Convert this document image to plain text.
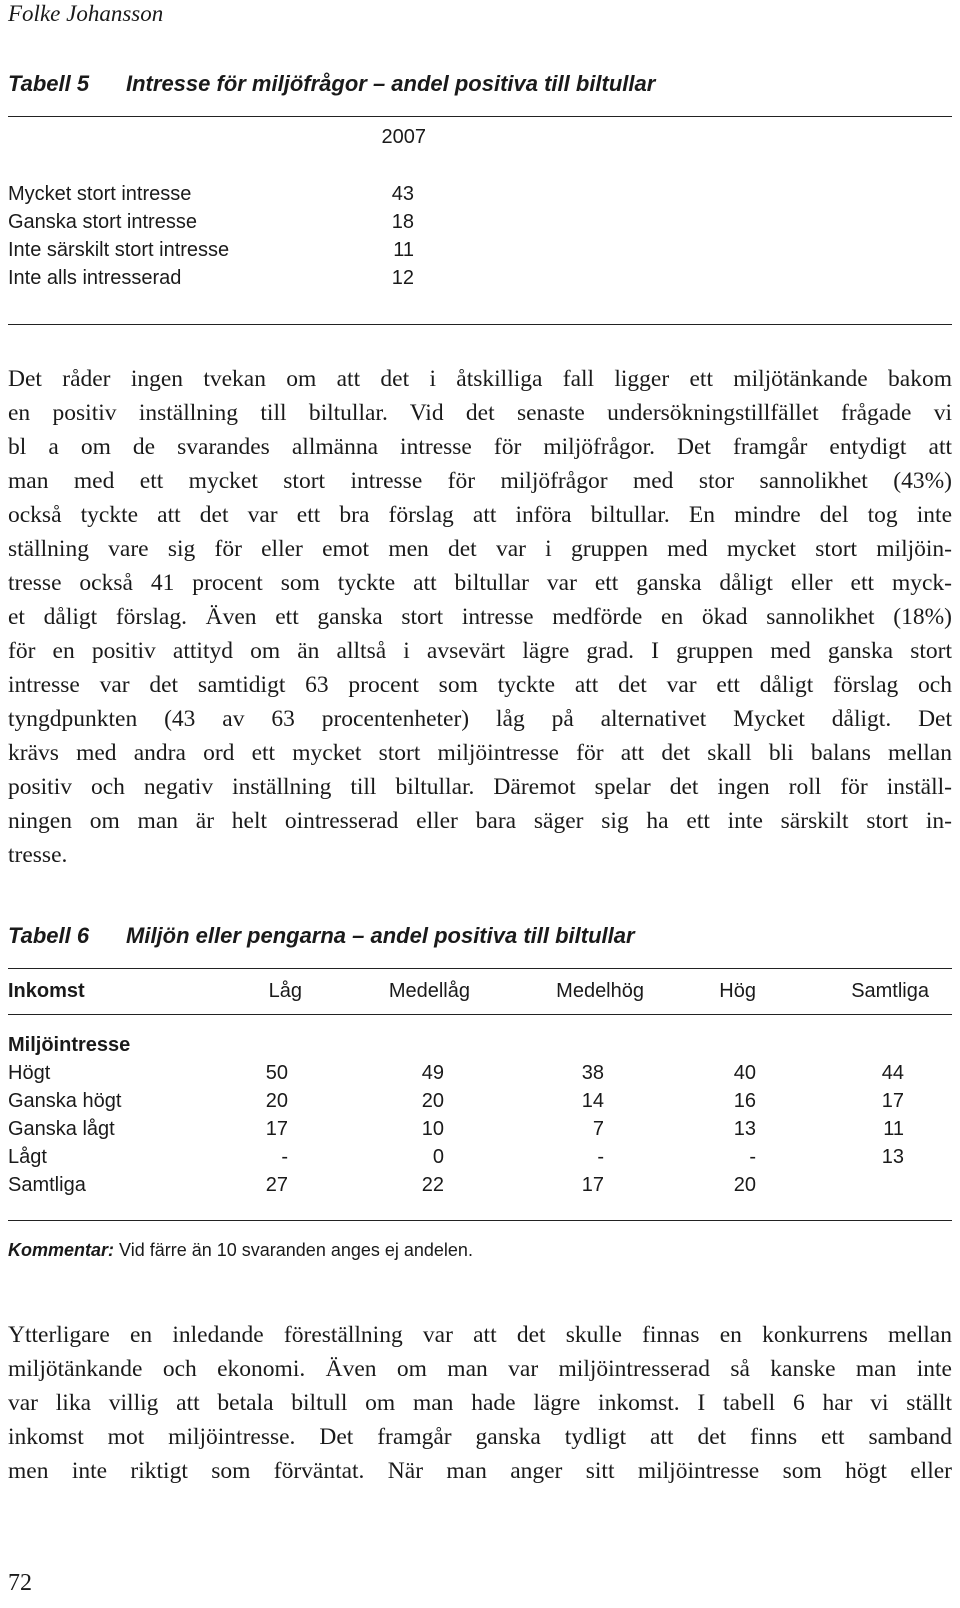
Folke Johansson
Tabell 5 Intresse för miljöfrågor – andel positiva till biltullar
2007
Mycket stort intresse	43
Ganska stort intresse	18
Inte särskilt stort intresse	11
Inte alls intresserad	12
Det råder ingen tvekan om att det i åtskilliga fall ligger ett miljötänkande bakom
en positiv inställning till biltullar. Vid det senaste undersökningstillfället frågade vi
bl a om de svarandes allmänna intresse för miljöfrågor. Det framgår entydigt att
man med ett mycket stort intresse för miljöfrågor med stor sannolikhet (43%)
också tyckte att det var ett bra förslag att införa biltullar. En mindre del tog inte
ställning vare sig för eller emot men det var i gruppen med mycket stort miljöin-
tresse också 41 procent som tyckte att biltullar var ett ganska dåligt eller ett myck-
et dåligt förslag. Även ett ganska stort intresse medförde en ökad sannolikhet (18%)
för en positiv attityd om än alltså i avsevärt lägre grad. I gruppen med ganska stort
intresse var det samtidigt 63 procent som tyckte att det var ett dåligt förslag och
tyngdpunkten (43 av 63 procentenheter) låg på alternativet Mycket dåligt. Det
krävs med andra ord ett mycket stort miljöintresse för att det skall bli balans mellan
positiv och negativ inställning till biltullar. Däremot spelar det ingen roll för inställ-
ningen om man är helt ointresserad eller bara säger sig ha ett inte särskilt stort in-
tresse.
Tabell 6 Miljön eller pengarna – andel positiva till biltullar
Inkomst	Låg	Medellåg	Medelhög	Hög	Samtliga
Miljöintresse
Högt	50	49	38	40	44
Ganska högt	20	20	14	16	17
Ganska lågt	17	10	7	13	11
Lågt	-	0	-	-	13
Samtliga	27	22	17	20
Kommentar: Vid färre än 10 svaranden anges ej andelen.
Ytterligare en inledande föreställning var att det skulle finnas en konkurrens mellan
miljötänkande och ekonomi. Även om man var miljöintresserad så kanske man inte
var lika villig att betala biltull om man hade lägre inkomst. I tabell 6 har vi ställt
inkomst mot miljöintresse. Det framgår ganska tydligt att det finns ett samband
men inte riktigt som förväntat. När man anger sitt miljöintresse som högt eller
72
